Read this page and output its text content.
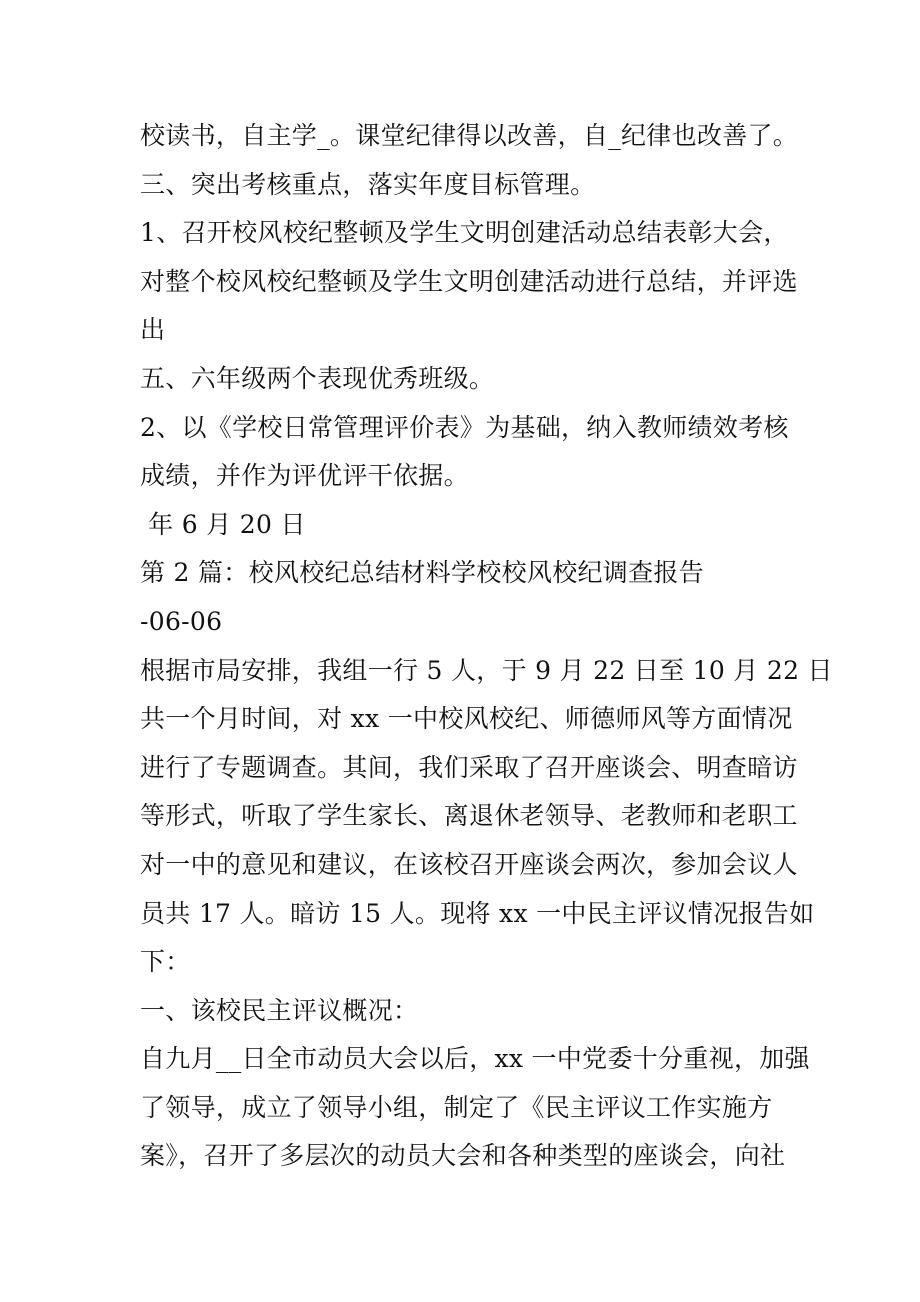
校读书，自主学_。课堂纪律得以改善，自_纪律也改善了。
三、突出考核重点，落实年度目标管理。
1、召开校风校纪整顿及学生文明创建活动总结表彰大会，
对整个校风校纪整顿及学生文明创建活动进行总结，并评选
出
五、六年级两个表现优秀班级。
2、以《学校日常管理评价表》为基础，纳入教师绩效考核
成绩，并作为评优评干依据。
年 6 月 20 日
第 2 篇：校风校纪总结材料学校校风校纪调查报告
-06-06
根据市局安排，我组一行 5 人，于 9 月 22 日至 10 月 22 日
共一个月时间，对 xx 一中校风校纪、师德师风等方面情况
进行了专题调查。其间，我们采取了召开座谈会、明查暗访
等形式，听取了学生家长、离退休老领导、老教师和老职工
对一中的意见和建议，在该校召开座谈会两次，参加会议人
员共 17 人。暗访 15 人。现将 xx 一中民主评议情况报告如
下：
一、该校民主评议概况：
自九月__日全市动员大会以后，xx 一中党委十分重视，加强
了领导，成立了领导小组，制定了《民主评议工作实施方
案》，召开了多层次的动员大会和各种类型的座谈会，向社
